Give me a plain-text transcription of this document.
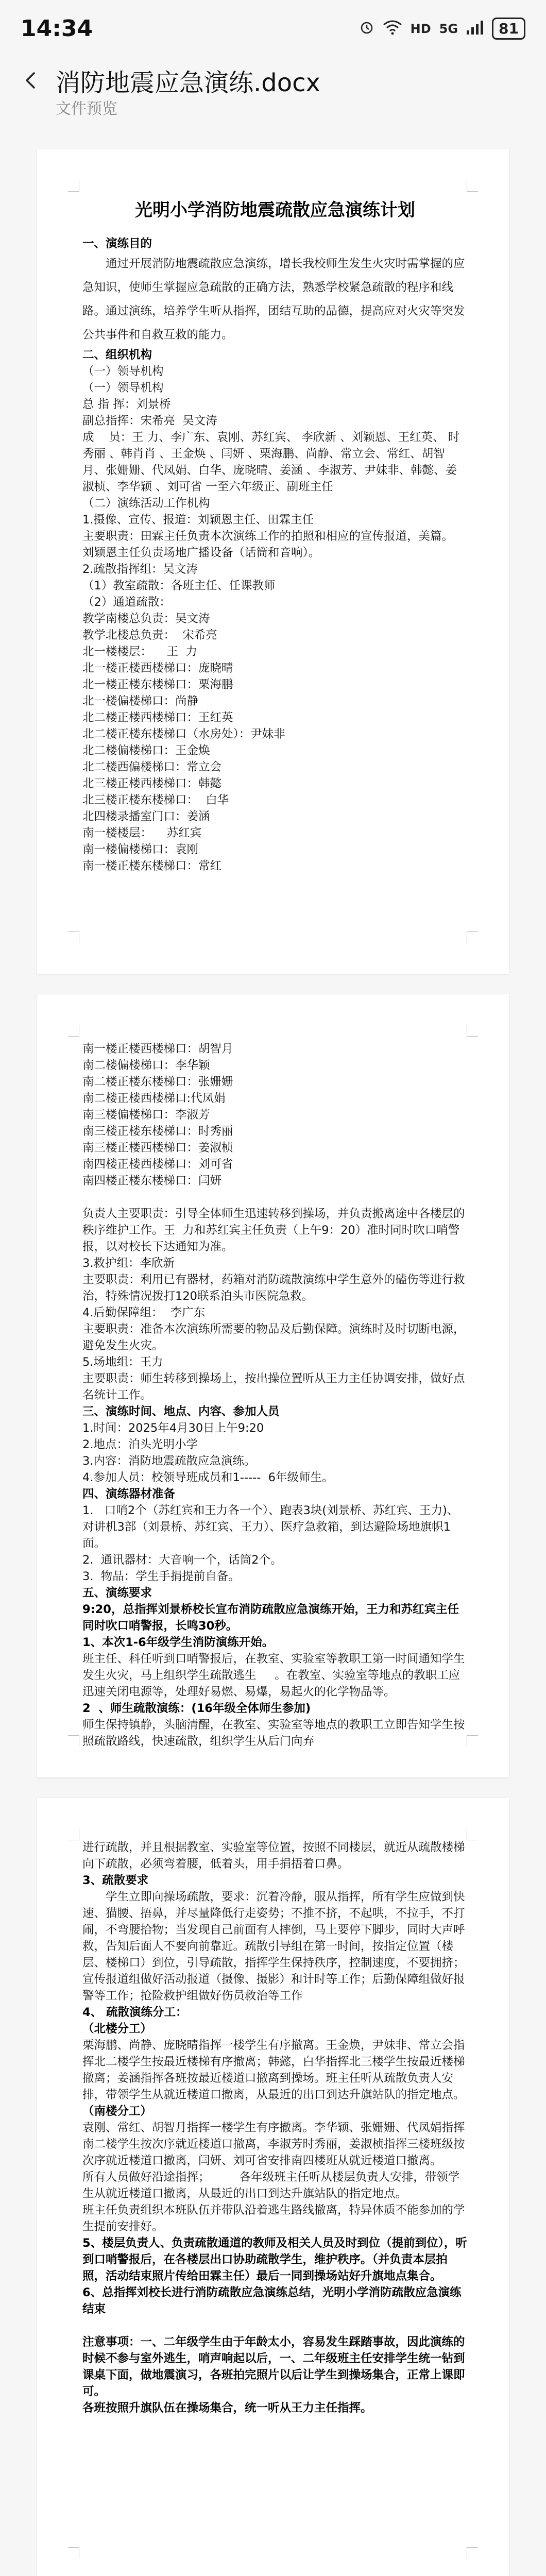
14:34	HD 5G	81
消防地震应急演练.docx
文件预览
光明小学消防地震疏散应急演练计划
一、演练目的
通过开展消防地震疏散应急演练，增长我校师生发生火灾时需掌握的应急知识，使师生掌握应急疏散的正确方法，熟悉学校紧急疏散的程序和线路。通过演练，培养学生听从指挥，团结互助的品德，提高应对火灾等突发公共事件和自救互救的能力。
二、组织机构
（一）领导机构
（一）领导机构
总 指 挥：刘景桥
副总指挥：宋希亮  吴文涛
成    员：王 力、李广东、袁刚、苏红宾、 李欣新 、刘颖恩、王红英、 时秀丽 、韩肖肖 、王金焕 、闫妍 、栗海鹏、尚静、常立会、常红、胡智月、张姗姗、代凤娟、白华、庞晓晴、姜涵 、李淑芳、尹妹非、韩懿、姜淑桢、李华颖 、刘可省 一至六年级正、副班主任
（二）演练活动工作机构
1.摄像、宣传、报道：刘颖恩主任、田霖主任
主要职责：田霖主任负责本次演练工作的拍照和相应的宣传报道，美篇。
刘颖恩主任负责场地广播设备（话筒和音响）。
2.疏散指挥组：吴文涛
（1）教室疏散：各班主任、任课教师
（2）通道疏散：
教学南楼总负责：吴文涛
教学北楼总负责：  宋希亮
北一楼楼层：    王  力
北一楼正楼西楼梯口：庞晓晴
北一楼正楼东楼梯口：栗海鹏
北一楼偏楼梯口：尚静
北二楼正楼西楼梯口：王红英
北二楼正楼东楼梯口（水房处）：尹妹非
北二楼偏楼梯口：王金焕
北二楼西偏楼梯口：常立会
北三楼正楼西楼梯口：韩懿
北三楼正楼东楼梯口：  白华
北四楼录播室门口：姜涵
南一楼楼层：    苏红宾
南一楼偏楼梯口：袁刚
南一楼正楼东楼梯口：常红
南一楼正楼西楼梯口：胡智月
南二楼偏楼梯口：李华颖
南二楼正楼东楼梯口：张姗姗
南二楼正楼西楼梯口:代凤娟
南三楼偏楼梯口：李淑芳
南三楼正楼东楼梯口：时秀丽
南三楼正楼西楼梯口：姜淑桢
南四楼正楼西楼梯口：刘可省
南四楼正楼东楼梯口：闫妍

负责人主要职责：引导全体师生迅速转移到操场，并负责搬离途中各楼层的秩序维护工作。王  力和苏红宾主任负责（上午9：20）准时同时吹口哨警报，以对校长下达通知为准。
3.救护组：李欣新
主要职责：利用已有器材，药箱对消防疏散演练中学生意外的磕伤等进行救治，特殊情况拨打120联系泊头市医院急救。
4.后勤保障组：  李广东
主要职责：准备本次演练所需要的物品及后勤保障。演练时及时切断电源，避免发生火灾。
5.场地组：王力
主要职责：师生转移到操场上，按出操位置听从王力主任协调安排，做好点名统计工作。
三、演练时间、地点、内容、参加人员
1.时间：2025年4月30日上午9:20
2.地点：泊头光明小学
3.内容：消防地震疏散应急演练。
4.参加人员：校领导班成员和1-----  6年级师生。
四、演练器材准备
1.   口哨2个（苏红宾和王力各一个）、跑表3块(刘景桥、苏红宾、王力)、对讲机3部（刘景桥、苏红宾、王力）、医疗急救箱，到达避险场地旗帜1面。
2.  通讯器材：大音响一个，话筒2个。
3.  物品：学生手捐提前自备。
五、演练要求
9:20，总指挥刘景桥校长宣布消防疏散应急演练开始，王力和苏红宾主任同时吹口哨警报，长鸣30秒。
1、本次1-6年级学生消防演练开始。
班主任、科任听到口哨警报后，在教室、实验室等教职工第一时间通知学生发生火灾，马上组织学生疏散逃生     。在教室、实验室等地点的教职工应迅速关闭电源等，处理好易燃、易爆，易起火的化学物品等。
2  、师生疏散演练：(16年级全体师生参加)
师生保持镇静，头脑清醒，在教室、实验室等地点的教职工立即告知学生按照疏散路线，快速疏散，组织学生从后门向弃
进行疏散，并且根据教室、实验室等位置，按照不同楼层，就近从疏散楼梯向下疏散，必须弯着腰，低着头，用手捐捂着口鼻。
3、疏散要求
学生立即向操场疏散，要求：沉着冷静，服从指挥，所有学生应做到快速、猫腰、捂鼻，并尽量降低行走姿势；不推不挤，不起哄，不拉手，不打闹，不弯腰拾物；当发现自己前面有人摔倒，马上要停下脚步，同时大声呼救，告知后面人不要向前靠近。疏散引导组在第一时间，按指定位置（楼层、楼梯口）到位，引导疏散，指挥学生保持秩序，控制速度，不要拥挤；宣传报道组做好活动报道（摄像、摄影）和计时等工作；后勤保障组做好报警等工作；抢险救护组做好伤员救治等工作
4、 疏散演练分工：
（北楼分工）
栗海鹏、尚静、庞晓晴指挥一楼学生有序撤离。王金焕，尹妹非、常立会指挥北二楼学生按最近楼梯有序撤离；韩懿，白华指挥北三楼学生按最近楼梯撤离；姜涵指挥各班按最近楼道口撤离到操场。班主任听从疏散负责人安排，带领学生从就近楼道口撤离，从最近的出口到达升旗站队的指定地点。
（南楼分工）
袁刚、常红、胡智月指挥一楼学生有序撤离。李华颖、张姗姗、代凤娟指挥南二楼学生按次序就近楼道口撤离，李淑芳时秀丽，姜淑桢指挥三楼班级按次序就近楼道口撤离，闫妍、刘可省安排南四楼班从就近楼道口撤离。
所有人员做好沿途指挥；        各年级班主任听从楼层负责人安排，带领学生从就近楼道口撤离，从最近的出口到达升旗站队的指定地点。
班主任负责组织本班队伍并带队沿着逃生路线撤离，特异体质不能参加的学生提前安排好。
5、楼层负责人、负责疏散通道的教师及相关人员及时到位（提前到位），听到口哨警报后，在各楼层出口协助疏散学生，维护秩序。（并负责本层拍照，活动结束照片传给田霖主任）最后一同到操场站好升旗地点集合。
6、总指挥刘校长进行消防疏散应急演练总结，光明小学消防疏散应急演练结束

注意事项：一、二年级学生由于年龄太小，容易发生踩踏事故，因此演练的时候不参与室外逃生，哨声响起以后，一、二年级班主任安排学生统一钻到课桌下面，做地震演习，各班拍完照片以后让学生到操场集合，正常上课即可。
各班按照升旗队伍在操场集合，统一听从王力主任指挥。
